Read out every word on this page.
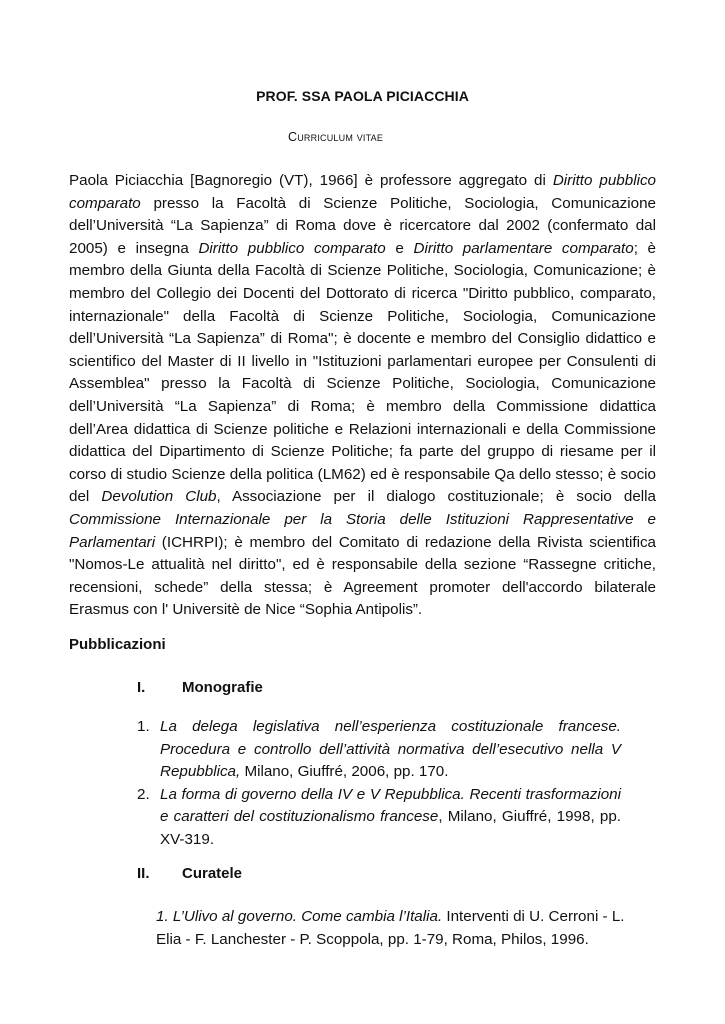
PROF. SSA PAOLA PICIACCHIA
Curriculum vitae

Paola Piciacchia [Bagnoregio (VT), 1966] è professore aggregato di Diritto pubblico comparato presso la Facoltà di Scienze Politiche, Sociologia, Comunicazione dell’Università “La Sapienza” di Roma dove è ricercatore dal 2002 (confermato dal 2005) e insegna Diritto pubblico comparato e Diritto parlamentare comparato; è membro della Giunta della Facoltà di Scienze Politiche, Sociologia, Comunicazione; è membro del Collegio dei Docenti del Dottorato di ricerca "Diritto pubblico, comparato, internazionale" della Facoltà di Scienze Politiche, Sociologia, Comunicazione dell’Università “La Sapienza” di Roma"; è docente e membro del Consiglio didattico e scientifico del Master di II livello in "Istituzioni parlamentari europee per Consulenti di Assemblea" presso la Facoltà di Scienze Politiche, Sociologia, Comunicazione dell’Università “La Sapienza” di Roma; è membro della Commissione didattica dell’Area didattica di Scienze politiche e Relazioni internazionali e della Commissione didattica del Dipartimento di Scienze Politiche; fa parte del gruppo di riesame per il corso di studio Scienze della politica (LM62) ed è responsabile Qa dello stesso; è socio del Devolution Club, Associazione per il dialogo costituzionale; è socio della Commissione Internazionale per la Storia delle Istituzioni Rappresentative e Parlamentari (ICHRPI); è membro del Comitato di redazione della Rivista scientifica "Nomos-Le attualità nel diritto", ed è responsabile della sezione “Rassegne critiche, recensioni, schede” della stessa; è Agreement promoter dell'accordo bilaterale Erasmus con l' Universitè de Nice “Sophia Antipolis”.

Pubblicazioni
I. Monografie
1. La delega legislativa nell’esperienza costituzionale francese. Procedura e controllo dell’attività normativa dell’esecutivo nella V Repubblica, Milano, Giuffré, 2006, pp. 170.
2. La forma di governo della IV e V Repubblica. Recenti trasformazioni e caratteri del costituzionalismo francese, Milano, Giuffré, 1998, pp. XV-319.
II. Curatele
1. L’Ulivo al governo. Come cambia l’Italia. Interventi di U. Cerroni - L. Elia - F. Lanchester - P. Scoppola, pp. 1-79, Roma, Philos, 1996.
